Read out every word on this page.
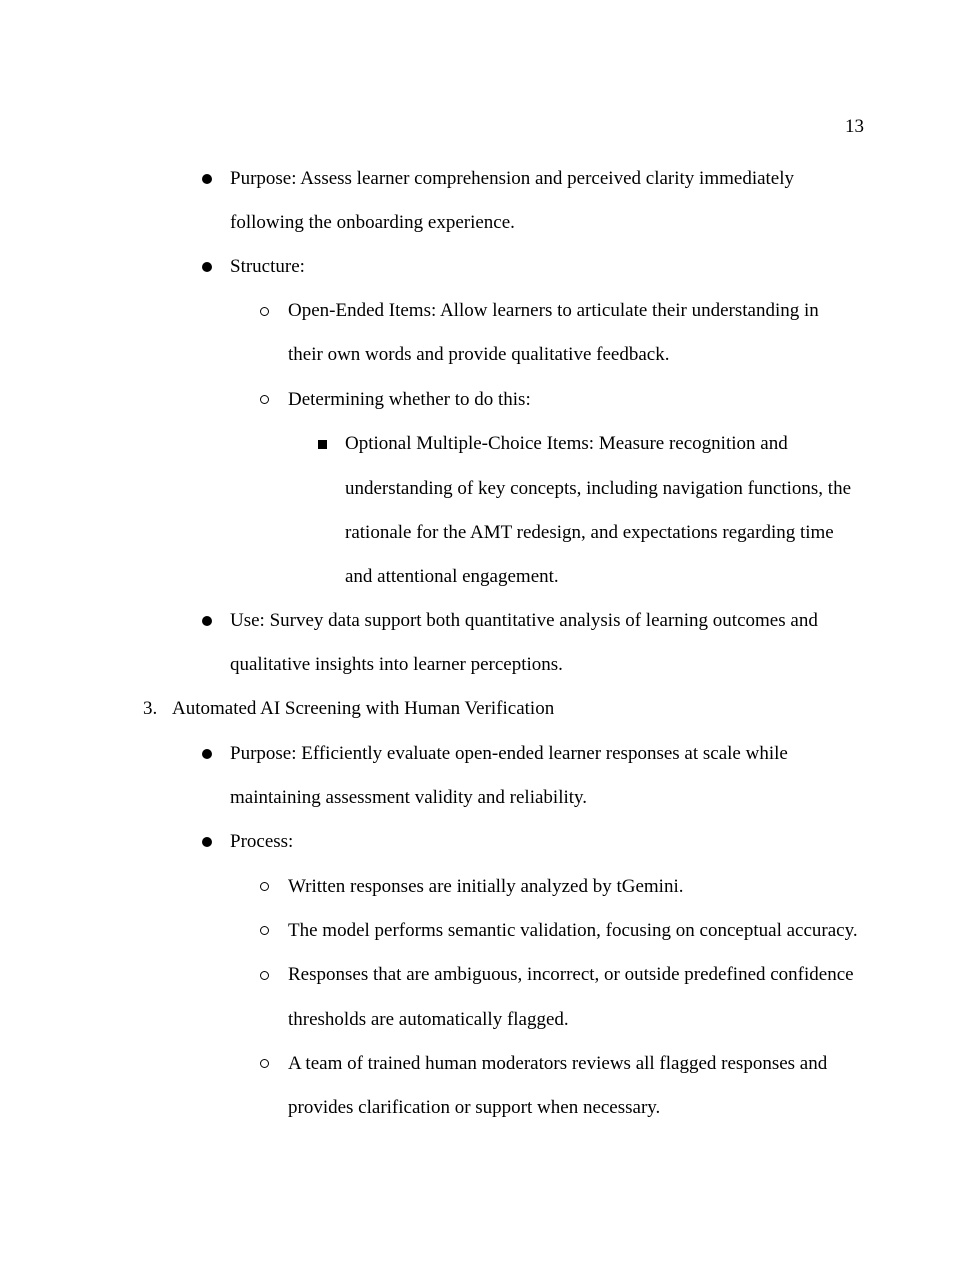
13
Purpose: Assess learner comprehension and perceived clarity immediately
following the onboarding experience.
Structure:
Open-Ended Items: Allow learners to articulate their understanding in
their own words and provide qualitative feedback.
Determining whether to do this:
Optional Multiple-Choice Items: Measure recognition and
understanding of key concepts, including navigation functions, the
rationale for the AMT redesign, and expectations regarding time
and attentional engagement.
Use: Survey data support both quantitative analysis of learning outcomes and
qualitative insights into learner perceptions.
3. Automated AI Screening with Human Verification
Purpose: Efficiently evaluate open-ended learner responses at scale while
maintaining assessment validity and reliability.
Process:
Written responses are initially analyzed by tGemini.
The model performs semantic validation, focusing on conceptual accuracy.
Responses that are ambiguous, incorrect, or outside predefined confidence
thresholds are automatically flagged.
A team of trained human moderators reviews all flagged responses and
provides clarification or support when necessary.
